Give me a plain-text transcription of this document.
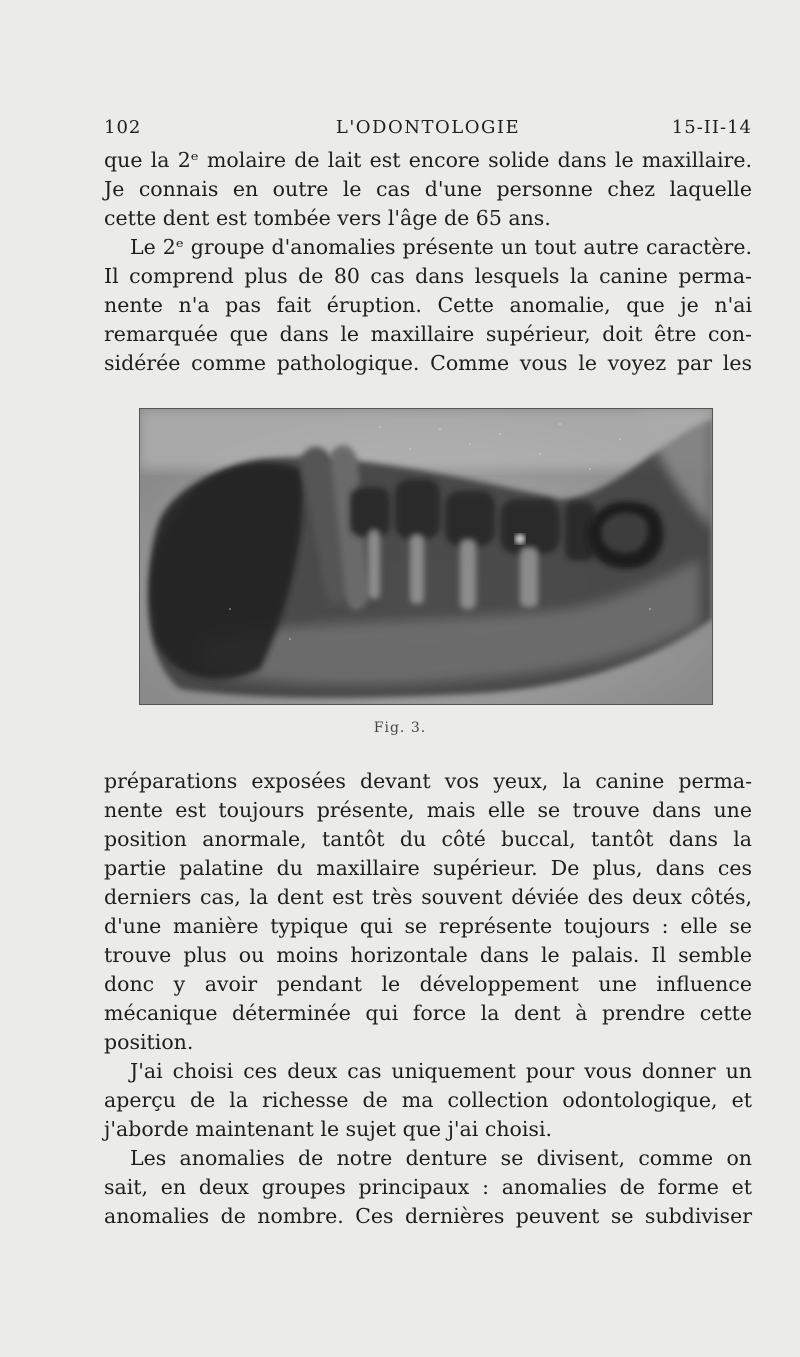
102	L'ODONTOLOGIE	15-II-14
que la 2ᵉ molaire de lait est encore solide dans le maxillaire.
Je connais en outre le cas d'une personne chez laquelle
cette dent est tombée vers l'âge de 65 ans.
Le 2ᵉ groupe d'anomalies présente un tout autre caractère.
Il comprend plus de 80 cas dans lesquels la canine perma-
nente n'a pas fait éruption. Cette anomalie, que je n'ai
remarquée que dans le maxillaire supérieur, doit être con-
sidérée comme pathologique. Comme vous le voyez par les
Fig. 3.
préparations exposées devant vos yeux, la canine perma-
nente est toujours présente, mais elle se trouve dans une
position anormale, tantôt du côté buccal, tantôt dans la
partie palatine du maxillaire supérieur. De plus, dans ces
derniers cas, la dent est très souvent déviée des deux côtés,
d'une manière typique qui se représente toujours : elle se
trouve plus ou moins horizontale dans le palais. Il semble
donc y avoir pendant le développement une influence
mécanique déterminée qui force la dent à prendre cette
position.
J'ai choisi ces deux cas uniquement pour vous donner un
aperçu de la richesse de ma collection odontologique, et
j'aborde maintenant le sujet que j'ai choisi.
Les anomalies de notre denture se divisent, comme on
sait, en deux groupes principaux : anomalies de forme et
anomalies de nombre. Ces dernières peuvent se subdiviser
